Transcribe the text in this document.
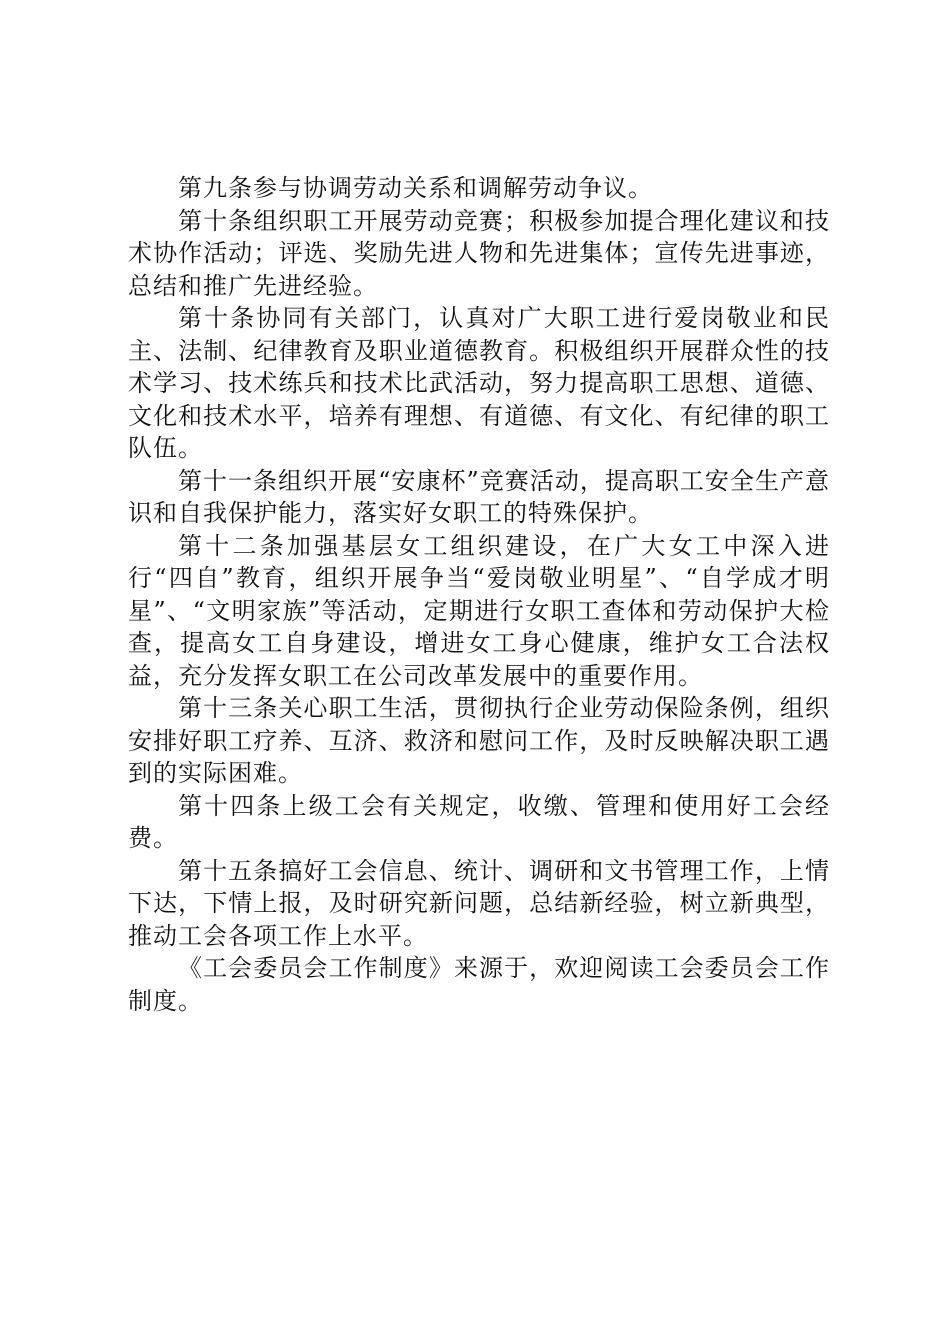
第九条参与协调劳动关系和调解劳动争议。

第十条组织职工开展劳动竞赛；积极参加提合理化建议和技术协作活动；评选、奖励先进人物和先进集体；宣传先进事迹，总结和推广先进经验。

第十条协同有关部门，认真对广大职工进行爱岗敬业和民主、法制、纪律教育及职业道德教育。积极组织开展群众性的技术学习、技术练兵和技术比武活动，努力提高职工思想、道德、文化和技术水平，培养有理想、有道德、有文化、有纪律的职工队伍。

第十一条组织开展“安康杯”竞赛活动，提高职工安全生产意识和自我保护能力，落实好女职工的特殊保护。

第十二条加强基层女工组织建设，在广大女工中深入进行“四自”教育，组织开展争当“爱岗敬业明星”、“自学成才明星”、“文明家族”等活动，定期进行女职工查体和劳动保护大检查，提高女工自身建设，增进女工身心健康，维护女工合法权益，充分发挥女职工在公司改革发展中的重要作用。

第十三条关心职工生活，贯彻执行企业劳动保险条例，组织安排好职工疗养、互济、救济和慰问工作，及时反映解决职工遇到的实际困难。

第十四条上级工会有关规定，收缴、管理和使用好工会经费。

第十五条搞好工会信息、统计、调研和文书管理工作，上情下达，下情上报，及时研究新问题，总结新经验，树立新典型，推动工会各项工作上水平。

《工会委员会工作制度》来源于，欢迎阅读工会委员会工作制度。
